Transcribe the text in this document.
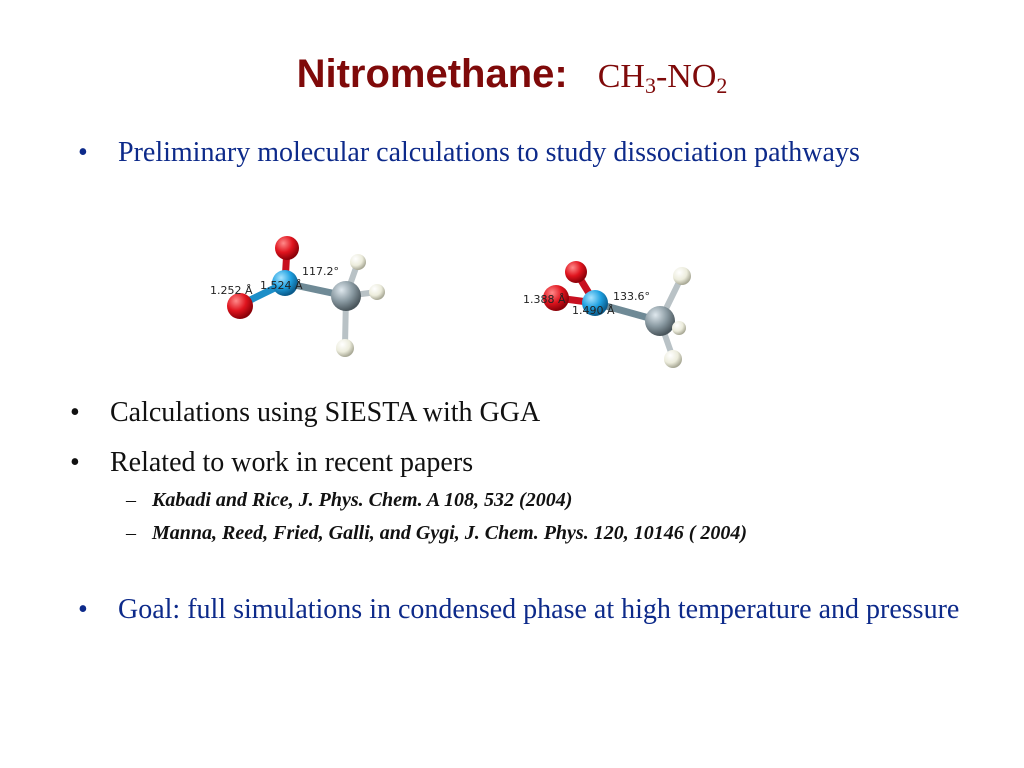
Nitromethane: $CH_3-NO_2$
•	Preliminary molecular calculations to study dissociation pathways
1.252 Å 1.524 Å
117.2°
1.388 Å
1.490 Å
133.6°
•	Calculations using SIESTA with GGA
•	Related to work in recent papers
– Kabadi and Rice, J. Phys. Chem. A 108, 532 (2004)
– Manna, Reed, Fried, Galli, and Gygi, J. Chem. Phys. 120, 10146 ( 2004)
•	Goal: full simulations in condensed phase at high temperature and pressure
